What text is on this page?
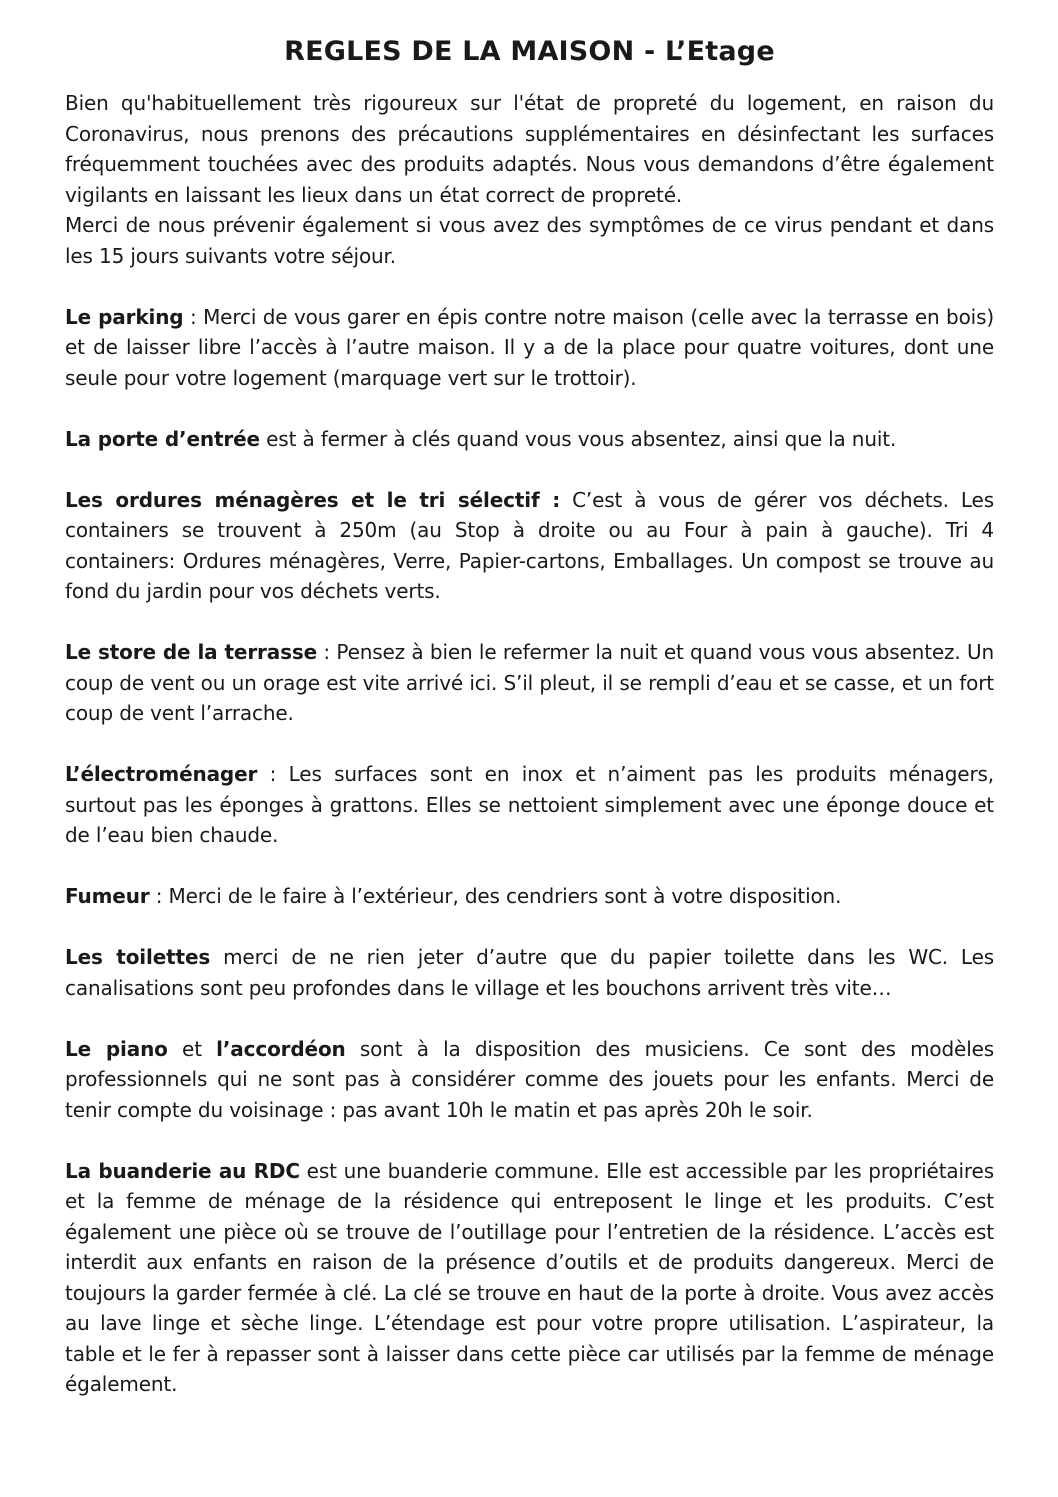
REGLES DE LA MAISON - L’Etage

Bien qu'habituellement très rigoureux sur l'état de propreté du logement, en raison du Coronavirus, nous prenons des précautions supplémentaires en désinfectant les surfaces fréquemment touchées avec des produits adaptés. Nous vous demandons d’être également vigilants en laissant les lieux dans un état correct de propreté.

Merci de nous prévenir également si vous avez des symptômes de ce virus pendant et dans les 15 jours suivants votre séjour.

Le parking : Merci de vous garer en épis contre notre maison (celle avec la terrasse en bois) et de laisser libre l’accès à l’autre maison. Il y a de la place pour quatre voitures, dont une seule pour votre logement (marquage vert sur le trottoir).

La porte d’entrée est à fermer à clés quand vous vous absentez, ainsi que la nuit.

Les ordures ménagères et le tri sélectif : C’est à vous de gérer vos déchets. Les containers se trouvent à 250m (au Stop à droite ou au Four à pain à gauche). Tri 4 containers: Ordures ménagères, Verre, Papier-cartons, Emballages. Un compost se trouve au fond du jardin pour vos déchets verts.

Le store de la terrasse : Pensez à bien le refermer la nuit et quand vous vous absentez. Un coup de vent ou un orage est vite arrivé ici. S’il pleut, il se rempli d’eau et se casse, et un fort coup de vent l’arrache.

L’électroménager : Les surfaces sont en inox et n’aiment pas les produits ménagers, surtout pas les éponges à grattons. Elles se nettoient simplement avec une éponge douce et de l’eau bien chaude.

Fumeur : Merci de le faire à l’extérieur, des cendriers sont à votre disposition.

Les toilettes merci de ne rien jeter d’autre que du papier toilette dans les WC. Les canalisations sont peu profondes dans le village et les bouchons arrivent très vite…

Le piano et l’accordéon sont à la disposition des musiciens. Ce sont des modèles professionnels qui ne sont pas à considérer comme des jouets pour les enfants. Merci de tenir compte du voisinage : pas avant 10h le matin et pas après 20h le soir.

La buanderie au RDC est une buanderie commune. Elle est accessible par les propriétaires et la femme de ménage de la résidence qui entreposent le linge et les produits. C’est également une pièce où se trouve de l’outillage pour l’entretien de la résidence. L’accès est interdit aux enfants en raison de la présence d’outils et de produits dangereux. Merci de toujours la garder fermée à clé. La clé se trouve en haut de la porte à droite. Vous avez accès au lave linge et sèche linge. L’étendage est pour votre propre utilisation. L’aspirateur, la table et le fer à repasser sont à laisser dans cette pièce car utilisés par la femme de ménage également.
